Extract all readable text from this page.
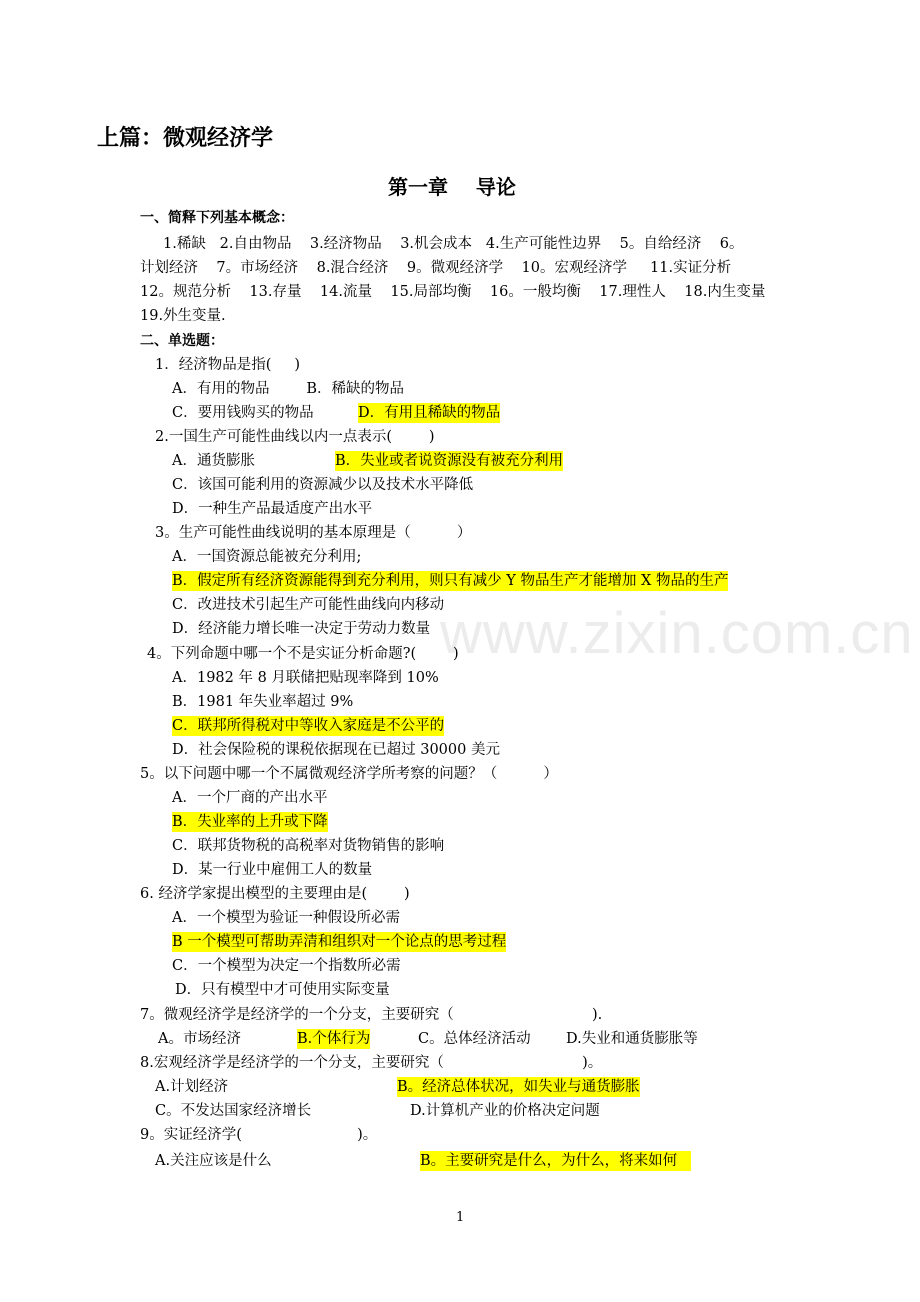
www.zixin.com.cn
上篇：微观经济学
第一章    导论
一、简释下列基本概念：
1.稀缺   2.自由物品    3.经济物品    3.机会成本   4.生产可能性边界    5。自给经济    6。
计划经济    7。市场经济    8.混合经济    9。微观经济学    10。宏观经济学     11.实证分析
12。规范分析    13.存量    14.流量    15.局部均衡    16。一般均衡    17.理性人    18.内生变量
19.外生变量.
二、单选题：
1．经济物品是指(     )
A．有用的物品        B．稀缺的物品
C．要用钱购买的物品	D．有用且稀缺的物品
2.一国生产可能性曲线以内一点表示(        )
A．通货膨胀	B．失业或者说资源没有被充分利用
C．该国可能利用的资源减少以及技术水平降低
D．一种生产品最适度产出水平
3。生产可能性曲线说明的基本原理是（          ）
A．一国资源总能被充分利用;
B．假定所有经济资源能得到充分利用，则只有减少 Y 物品生产才能增加 X 物品的生产
C．改进技术引起生产可能性曲线向内移动
D．经济能力增长唯一决定于劳动力数量
4。下列命题中哪一个不是实证分析命题?(        )
A．1982 年 8 月联储把贴现率降到 10%
B．1981 年失业率超过 9%
C．联邦所得税对中等收入家庭是不公平的
D．社会保险税的课税依据现在已超过 30000 美元
5。以下问题中哪一个不属微观经济学所考察的问题？（          ）
A．一个厂商的产出水平
B．失业率的上升或下降
C．联邦货物税的高税率对货物销售的影响
D．某一行业中雇佣工人的数量
6. 经济学家提出模型的主要理由是(        )
A．一个模型为验证一种假设所必需
B 一个模型可帮助弄清和组织对一个论点的思考过程
C．一个模型为决定一个指数所必需
D．只有模型中才可使用实际变量
7。微观经济学是经济学的一个分支，主要研究（                              ).
A。市场经济	B.个体行为	C。总体经济活动 D.失业和通货膨胀等
8.宏观经济学是经济学的一个分支，主要研究（                              )。
A.计划经济	B。经济总体状况，如失业与通货膨胀
C。不发达国家经济增长	D.计算机产业的价格决定问题
9。实证经济学(                         )。
A.关注应该是什么	B。主要研究是什么，为什么，将来如何
1
